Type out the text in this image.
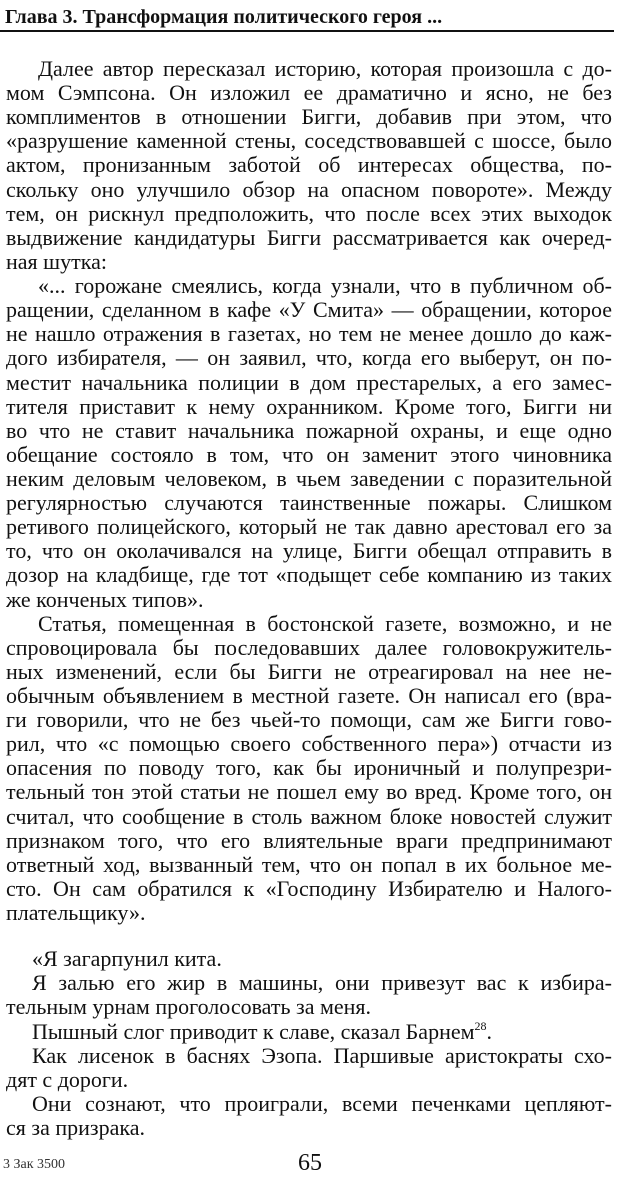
Глава 3. Трансформация политического героя ...
Далее автор пересказал историю, которая произошла с до-
мом Сэмпсона. Он изложил ее драматично и ясно, не без
комплиментов в отношении Бигги, добавив при этом, что
«разрушение каменной стены, соседствовавшей с шоссе, было
актом, пронизанным заботой об интересах общества, по-
скольку оно улучшило обзор на опасном повороте». Между
тем, он рискнул предположить, что после всех этих выходок
выдвижение кандидатуры Бигги рассматривается как очеред-
ная шутка:
«... горожане смеялись, когда узнали, что в публичном об-
ращении, сделанном в кафе «У Смита» — обращении, которое
не нашло отражения в газетах, но тем не менее дошло до каж-
дого избирателя, — он заявил, что, когда его выберут, он по-
местит начальника полиции в дом престарелых, а его замес-
тителя приставит к нему охранником. Кроме того, Бигги ни
во что не ставит начальника пожарной охраны, и еще одно
обещание состояло в том, что он заменит этого чиновника
неким деловым человеком, в чьем заведении с поразительной
регулярностью случаются таинственные пожары. Слишком
ретивого полицейского, который не так давно арестовал его за
то, что он околачивался на улице, Бигги обещал отправить в
дозор на кладбище, где тот «подыщет себе компанию из таких
же конченых типов».
Статья, помещенная в бостонской газете, возможно, и не
спровоцировала бы последовавших далее головокружитель-
ных изменений, если бы Бигги не отреагировал на нее не-
обычным объявлением в местной газете. Он написал его (вра-
ги говорили, что не без чьей-то помощи, сам же Бигги гово-
рил, что «с помощью своего собственного пера») отчасти из
опасения по поводу того, как бы ироничный и полупрезри-
тельный тон этой статьи не пошел ему во вред. Кроме того, он
считал, что сообщение в столь важном блоке новостей служит
признаком того, что его влиятельные враги предпринимают
ответный ход, вызванный тем, что он попал в их больное ме-
сто. Он сам обратился к «Господину Избирателю и Налого-
плательщику».
«Я загарпунил кита.
Я залью его жир в машины, они привезут вас к избира-
тельным урнам проголосовать за меня.
Пышный слог приводит к славе, сказал Барнем$^{28}$.
Как лисенок в баснях Эзопа. Паршивые аристократы схо-
дят с дороги.
Они сознают, что проиграли, всеми печенками цепляют-
ся за призрака.
65
3 Зак 3500
